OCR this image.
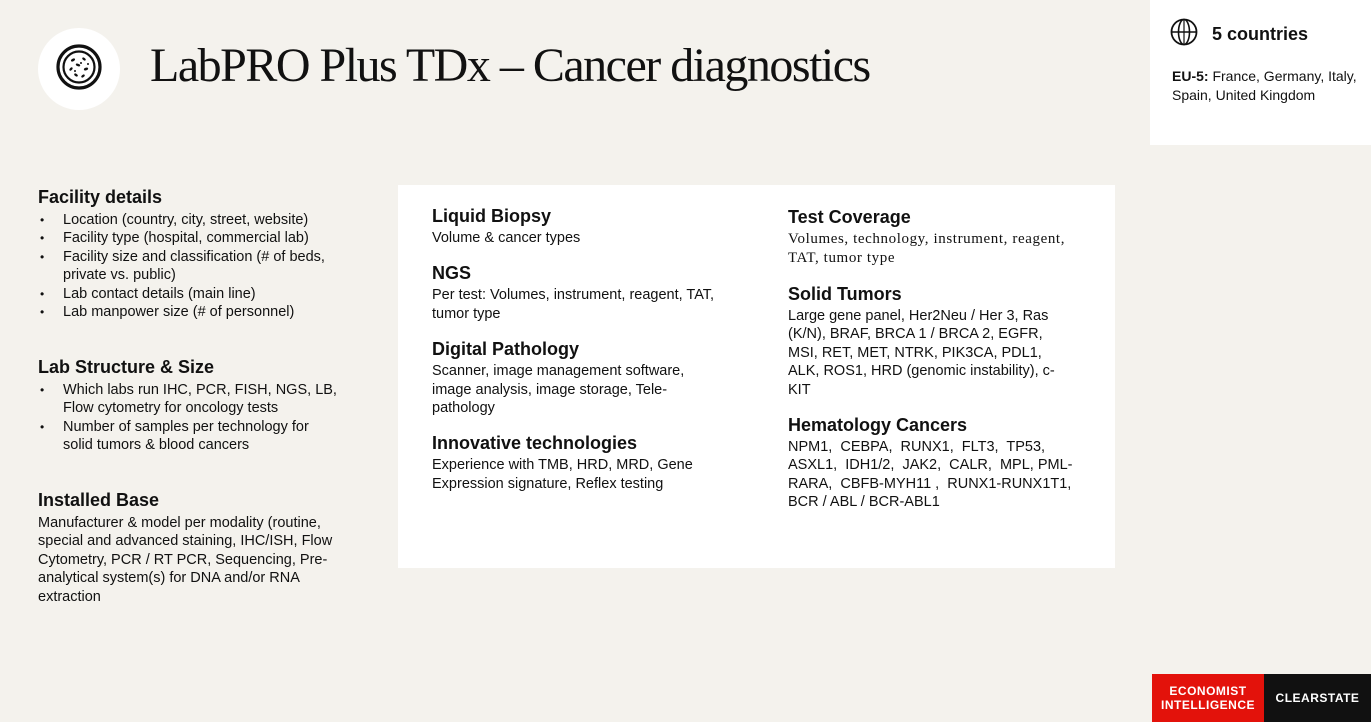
LabPRO Plus TDx – Cancer diagnostics
5 countries
EU-5: France, Germany, Italy, Spain, United Kingdom
Facility details
• Location (country, city, street, website)
• Facility type (hospital, commercial lab)
• Facility size and classification (# of beds, private vs. public)
• Lab contact details (main line)
• Lab manpower size (# of personnel)
Lab Structure & Size
• Which labs run IHC, PCR, FISH, NGS, LB, Flow cytometry for oncology tests
• Number of samples per technology for solid tumors & blood cancers
Installed Base

Manufacturer & model per modality (routine, special and advanced staining, IHC/ISH, Flow Cytometry, PCR / RT PCR, Sequencing, Pre-analytical system(s) for DNA and/or RNA extraction

Liquid Biopsy

Volume & cancer types

NGS

Per test: Volumes, instrument, reagent, TAT, tumor type

Digital Pathology

Scanner, image management software, image analysis, image storage, Tele-pathology

Innovative technologies

Experience with TMB, HRD, MRD, Gene Expression signature, Reflex testing

Test Coverage

Volumes, technology, instrument, reagent, TAT, tumor type

Solid Tumors

Large gene panel, Her2Neu / Her 3, Ras (K/N), BRAF, BRCA 1 / BRCA 2, EGFR, MSI, RET, MET, NTRK, PIK3CA, PDL1, ALK, ROS1, HRD (genomic instability), c-KIT

Hematology Cancers

NPM1,  CEBPA,  RUNX1,  FLT3,  TP53, ASXL1,  IDH1/2,  JAK2,  CALR,  MPL, PML-RARA,  CBFB-MYH11 ,  RUNX1-RUNX1T1,  BCR / ABL / BCR-ABL1

ECONOMIST
INTELLIGENCE	CLEARSTATE
